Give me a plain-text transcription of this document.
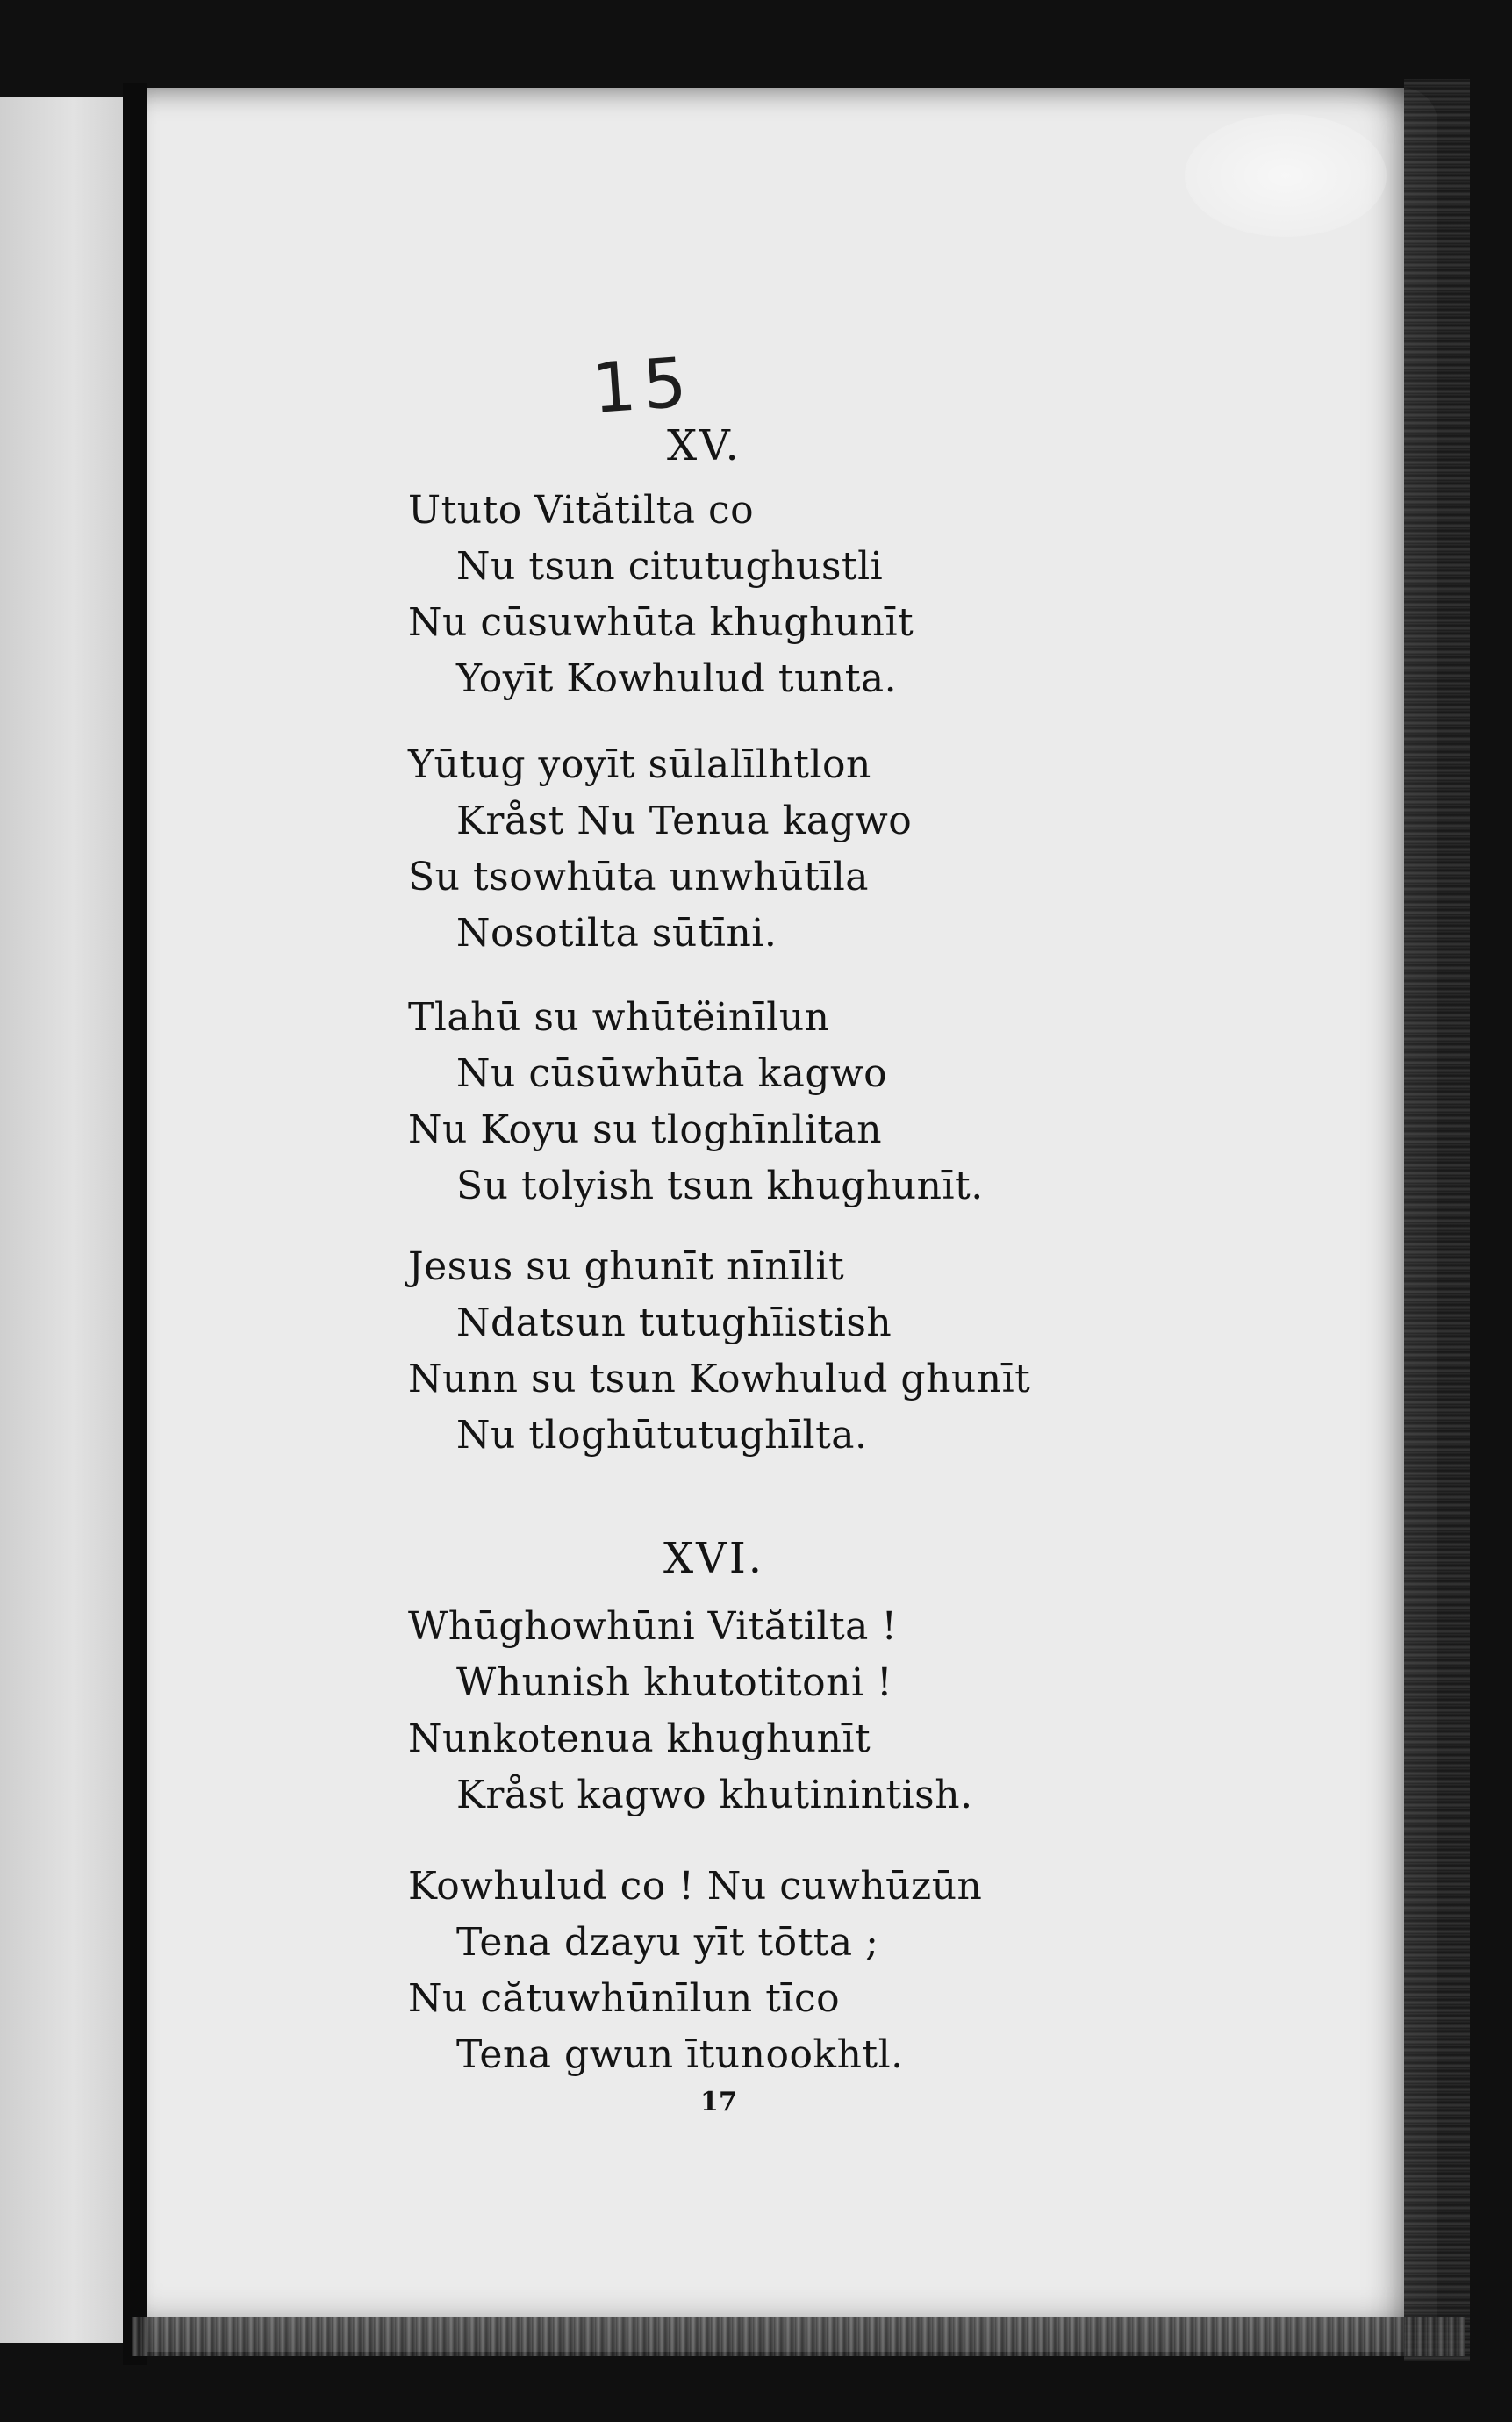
15
XV.
Ututo Vitătilta co
Nu tsun citutughustli
Nu cūsuwhūta khughunīt
Yoyīt Kowhulud tunta.
Yūtug yoyīt sūlalīlhtlon
Kråst Nu Tenua kagwo
Su tsowhūta unwhūtīla
Nosotilta sūtīni.
Tlahū su whūtëinīlun
Nu cūsūwhūta kagwo
Nu Koyu su tloghīnlitan
Su tolyish tsun khughunīt.
Jesus su ghunīt nīnīlit
Ndatsun tutughīistish
Nunn su tsun Kowhulud ghunīt
Nu tloghūtutughīlta.
XVI.
Whūghowhūni Vitătilta !
Whunish khutotitoni !
Nunkotenua khughunīt
Kråst kagwo khutinintish.
Kowhulud co ! Nu cuwhūzūn
Tena dzayu yīt tōtta ;
Nu cătuwhūnīlun tīco
Tena gwun ītunookhtl.
17
